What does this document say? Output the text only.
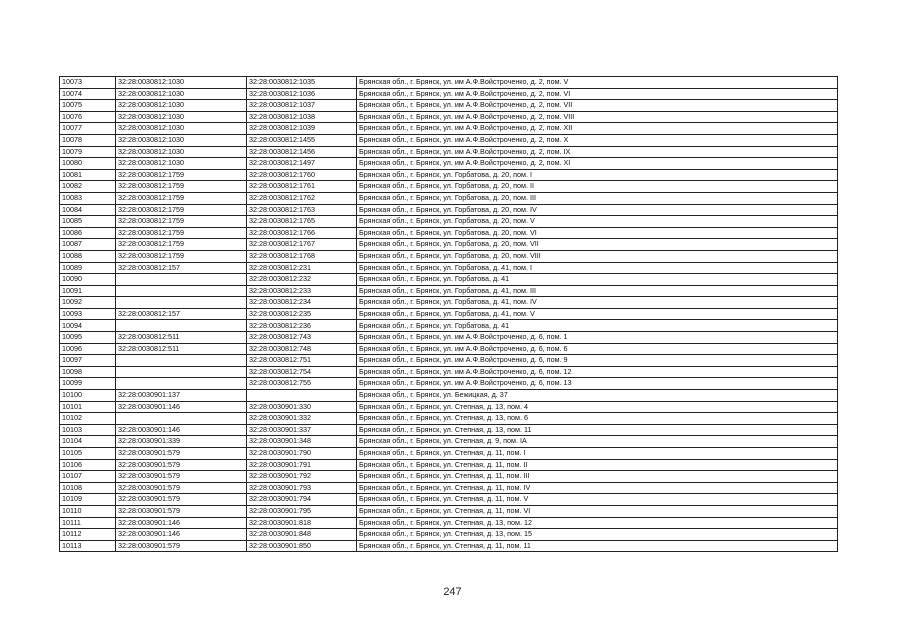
10073	32:28:0030812:1030	32:28:0030812:1035	Брянская обл., г. Брянск, ул. им А.Ф.Войстроченко, д. 2, пом. V
10074	32:28:0030812:1030	32:28:0030812:1036	Брянская обл., г. Брянск, ул. им А.Ф.Войстроченко, д. 2, пом. VI
10075	32:28:0030812:1030	32:28:0030812:1037	Брянская обл., г. Брянск, ул. им А.Ф.Войстроченко, д. 2, пом. VII
10076	32:28:0030812:1030	32:28:0030812:1038	Брянская обл., г. Брянск, ул. им А.Ф.Войстроченко, д. 2, пом. VIII
10077	32:28:0030812:1030	32:28:0030812:1039	Брянская обл., г. Брянск, ул. им А.Ф.Войстроченко, д. 2, пом. XII
10078	32:28:0030812:1030	32:28:0030812:1455	Брянская обл., г. Брянск, ул. им А.Ф.Войстроченко, д. 2, пом. X
10079	32:28:0030812:1030	32:28:0030812:1456	Брянская обл., г. Брянск, ул. им А.Ф.Войстроченко, д. 2, пом. IX
10080	32:28:0030812:1030	32:28:0030812:1497	Брянская обл., г. Брянск, ул. им А.Ф.Войстроченко, д. 2, пом. XI
10081	32:28:0030812:1759	32:28:0030812:1760	Брянская обл., г. Брянск, ул. Горбатова, д. 20, пом. I
10082	32:28:0030812:1759	32:28:0030812:1761	Брянская обл., г. Брянск, ул. Горбатова, д. 20, пом. II
10083	32:28:0030812:1759	32:28:0030812:1762	Брянская обл., г. Брянск, ул. Горбатова, д. 20, пом. III
10084	32:28:0030812:1759	32:28:0030812:1763	Брянская обл., г. Брянск, ул. Горбатова, д. 20, пом. IV
10085	32:28:0030812:1759	32:28:0030812:1765	Брянская обл., г. Брянск, ул. Горбатова, д. 20, пом. V
10086	32:28:0030812:1759	32:28:0030812:1766	Брянская обл., г. Брянск, ул. Горбатова, д. 20, пом. VI
10087	32:28:0030812:1759	32:28:0030812:1767	Брянская обл., г. Брянск, ул. Горбатова, д. 20, пом. VII
10088	32:28:0030812:1759	32:28:0030812:1768	Брянская обл., г. Брянск, ул. Горбатова, д. 20, пом. VIII
10089	32:28:0030812:157	32:28:0030812:231	Брянская обл., г. Брянск, ул. Горбатова, д. 41, пом. I
10090		32:28:0030812:232	Брянская обл., г. Брянск, ул. Горбатова, д. 41
10091		32:28:0030812:233	Брянская обл., г. Брянск, ул. Горбатова, д. 41, пом. III
10092		32:28:0030812:234	Брянская обл., г. Брянск, ул. Горбатова, д. 41, пом. IV
10093	32:28:0030812:157	32:28:0030812:235	Брянская обл., г. Брянск, ул. Горбатова, д. 41, пом. V
10094		32:28:0030812:236	Брянская обл., г. Брянск, ул. Горбатова, д. 41
10095	32:28:0030812:511	32:28:0030812:743	Брянская обл., г. Брянск, ул. им А.Ф.Войстроченко, д. 6, пом. 1
10096	32:28:0030812:511	32:28:0030812:748	Брянская обл., г. Брянск, ул. им А.Ф.Войстроченко, д. 6, пом. 6
10097		32:28:0030812:751	Брянская обл., г. Брянск, ул. им А.Ф.Войстроченко, д. 6, пом. 9
10098		32:28:0030812:754	Брянская обл., г. Брянск, ул. им А.Ф.Войстроченко, д. 6, пом. 12
10099		32:28:0030812:755	Брянская обл., г. Брянск, ул. им А.Ф.Войстроченко, д. 6, пом. 13
10100	32:28:0030901:137		Брянская обл., г. Брянск, ул. Бежицкая, д. 37
10101	32:28:0030901:146	32:28:0030901:330	Брянская обл., г. Брянск, ул. Степная, д. 13, пом. 4
10102		32:28:0030901:332	Брянская обл., г. Брянск, ул. Степная, д. 13, пом. 6
10103	32:28:0030901:146	32:28:0030901:337	Брянская обл., г. Брянск, ул. Степная, д. 13, пом. 11
10104	32:28:0030901:339	32:28:0030901:348	Брянская обл., г. Брянск, ул. Степная, д. 9, пом. IA
10105	32:28:0030901:579	32:28:0030901:790	Брянская обл., г. Брянск, ул. Степная, д. 11, пом. I
10106	32:28:0030901:579	32:28:0030901:791	Брянская обл., г. Брянск, ул. Степная, д. 11, пом. II
10107	32:28:0030901:579	32:28:0030901:792	Брянская обл., г. Брянск, ул. Степная, д. 11, пом. III
10108	32:28:0030901:579	32:28:0030901:793	Брянская обл., г. Брянск, ул. Степная, д. 11, пом. IV
10109	32:28:0030901:579	32:28:0030901:794	Брянская обл., г. Брянск, ул. Степная, д. 11, пом. V
10110	32:28:0030901:579	32:28:0030901:795	Брянская обл., г. Брянск, ул. Степная, д. 11, пом. VI
10111	32:28:0030901:146	32:28:0030901:818	Брянская обл., г. Брянск, ул. Степная, д. 13, пом. 12
10112	32:28:0030901:146	32:28:0030901:848	Брянская обл., г. Брянск, ул. Степная, д. 13, пом. 15
10113	32:28:0030901:579	32:28:0030901:850	Брянская обл., г. Брянск, ул. Степная, д. 11, пом. 11
247
